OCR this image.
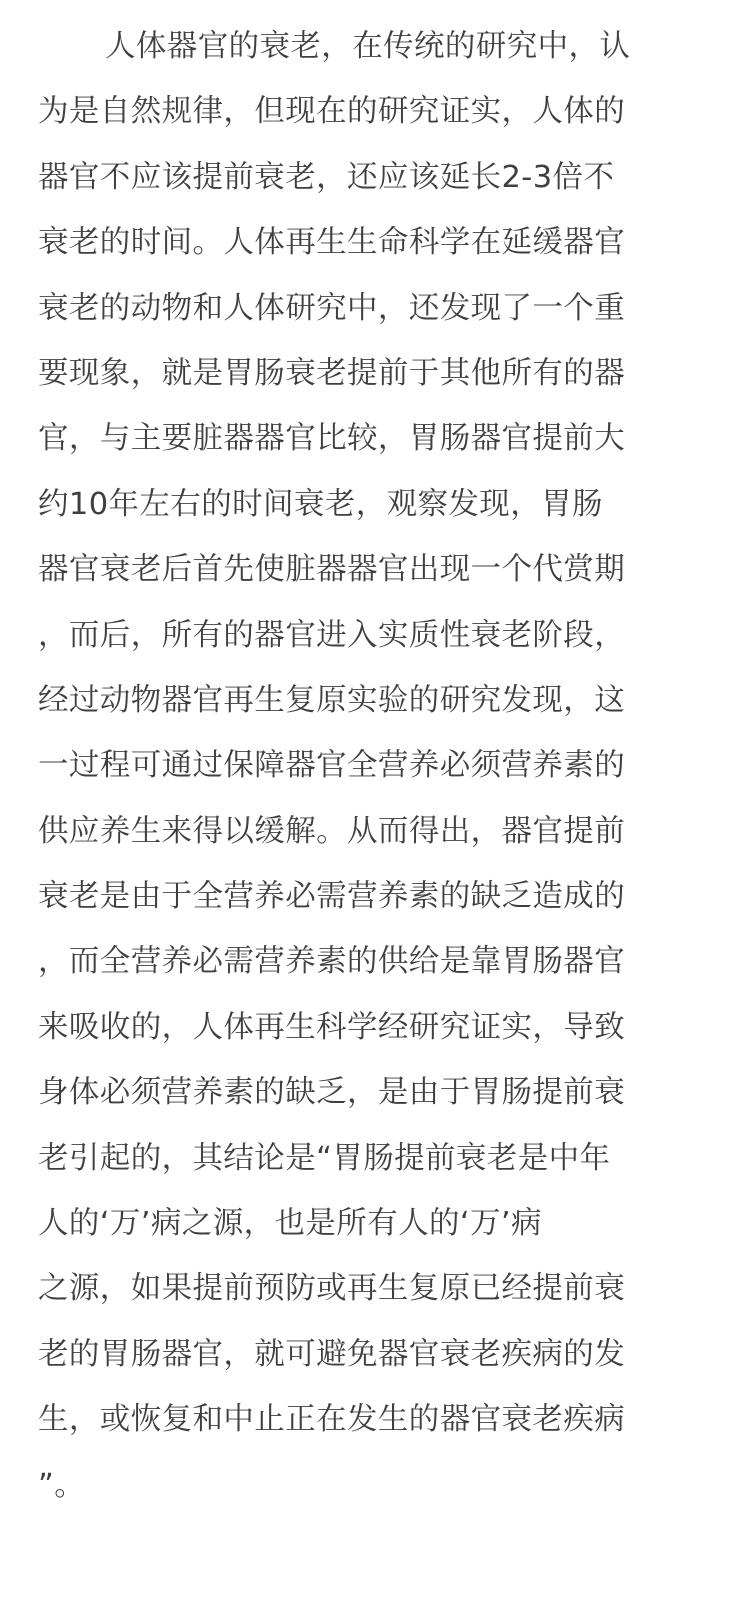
人体器官的衰老，在传统的研究中，认
为是自然规律，但现在的研究证实，人体的
器官不应该提前衰老，还应该延长2-3倍不
衰老的时间。人体再生生命科学在延缓器官
衰老的动物和人体研究中，还发现了一个重
要现象，就是胃肠衰老提前于其他所有的器
官，与主要脏器器官比较，胃肠器官提前大
约10年左右的时间衰老，观察发现，胃肠
器官衰老后首先使脏器器官出现一个代赏期
，而后，所有的器官进入实质性衰老阶段，
经过动物器官再生复原实验的研究发现，这
一过程可通过保障器官全营养必须营养素的
供应养生来得以缓解。从而得出，器官提前
衰老是由于全营养必需营养素的缺乏造成的
，而全营养必需营养素的供给是靠胃肠器官
来吸收的，人体再生科学经研究证实，导致
身体必须营养素的缺乏，是由于胃肠提前衰
老引起的，其结论是“胃肠提前衰老是中年
人的‘万’病之源，也是所有人的‘万’病
之源，如果提前预防或再生复原已经提前衰
老的胃肠器官，就可避免器官衰老疾病的发
生，或恢复和中止正在发生的器官衰老疾病
”。
